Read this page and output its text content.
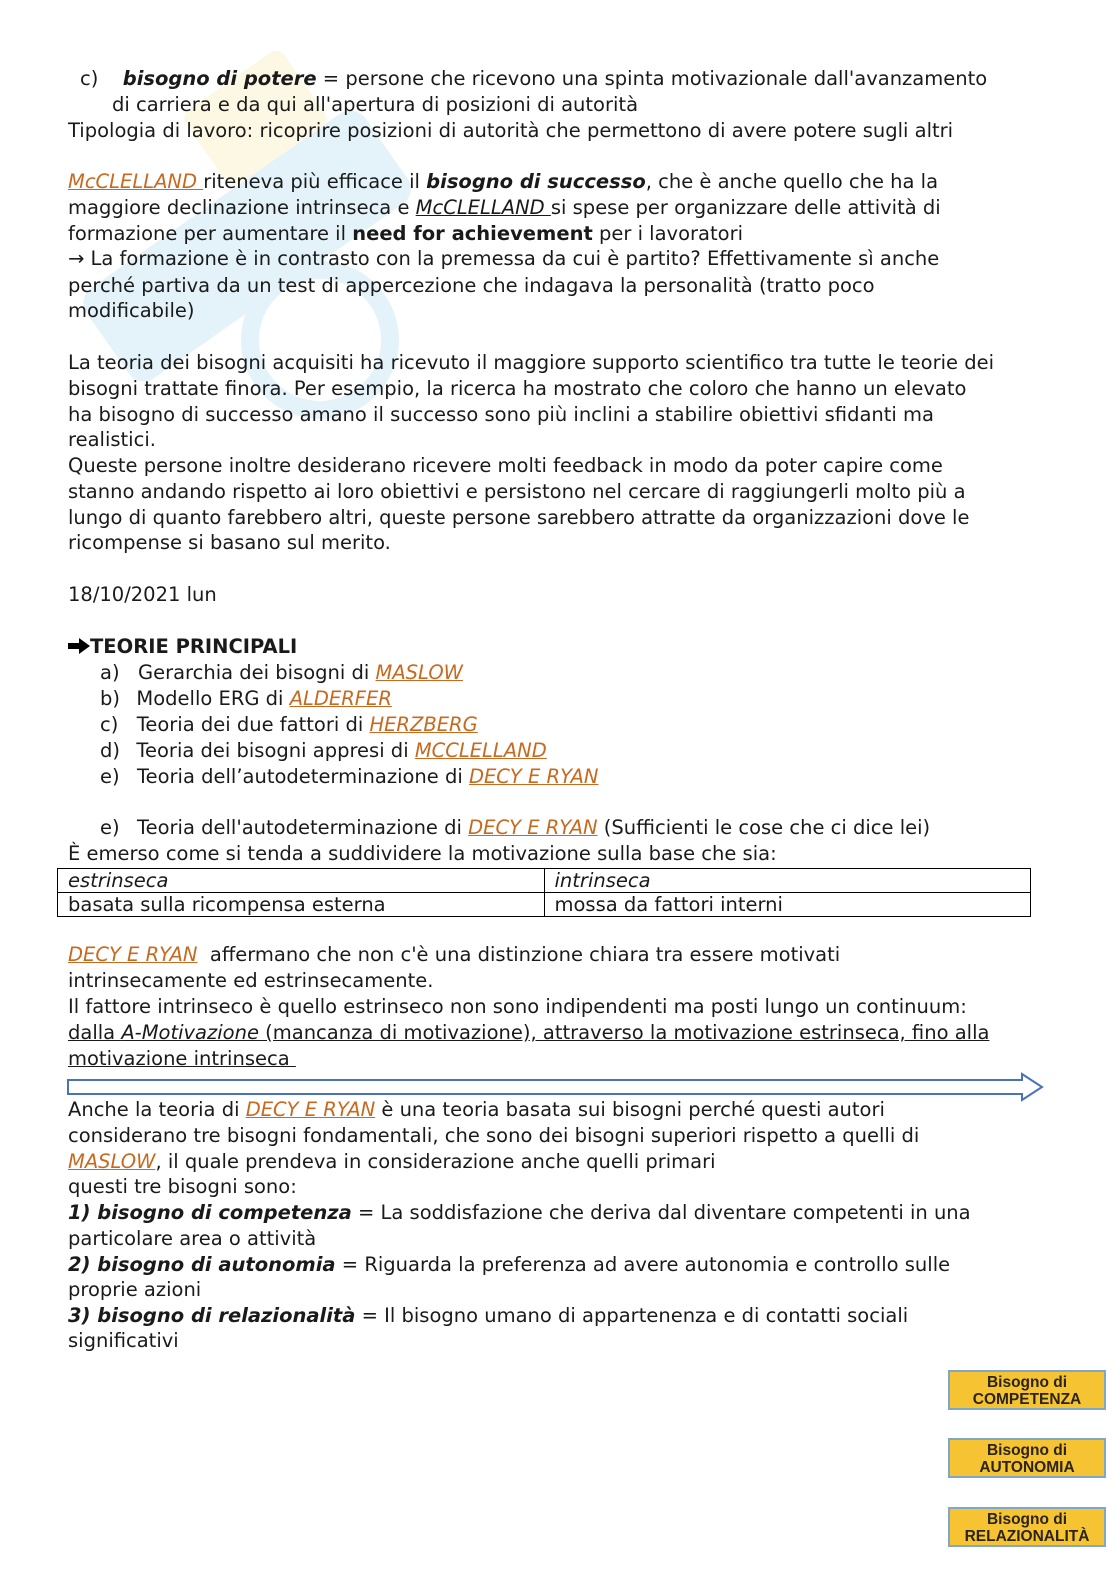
c) bisogno di potere = persone che ricevono una spinta motivazionale dall'avanzamento
di carriera e da qui all'apertura di posizioni di autorità
Tipologia di lavoro: ricoprire posizioni di autorità che permettono di avere potere sugli altri
McCLELLAND riteneva più efficace il bisogno di successo, che è anche quello che ha la
maggiore declinazione intrinseca e McCLELLAND si spese per organizzare delle attività di
formazione per aumentare il need for achievement per i lavoratori
→ La formazione è in contrasto con la premessa da cui è partito? Effettivamente sì anche
perché partiva da un test di appercezione che indagava la personalità (tratto poco
modificabile)
La teoria dei bisogni acquisiti ha ricevuto il maggiore supporto scientifico tra tutte le teorie dei
bisogni trattate finora. Per esempio, la ricerca ha mostrato che coloro che hanno un elevato
ha bisogno di successo amano il successo sono più inclini a stabilire obiettivi sfidanti ma
realistici.
Queste persone inoltre desiderano ricevere molti feedback in modo da poter capire come
stanno andando rispetto ai loro obiettivi e persistono nel cercare di raggiungerli molto più a
lungo di quanto farebbero altri, queste persone sarebbero attratte da organizzazioni dove le
ricompense si basano sul merito.
18/10/2021 lun
TEORIE PRINCIPALI
a) Gerarchia dei bisogni di MASLOW
b) Modello ERG di ALDERFER
c) Teoria dei due fattori di HERZBERG
d) Teoria dei bisogni appresi di MCCLELLAND
e) Teoria dell’autodeterminazione di DECY E RYAN
e) Teoria dell'autodeterminazione di DECY E RYAN (Sufficienti le cose che ci dice lei)
È emerso come si tenda a suddividere la motivazione sulla base che sia:
estrinseca	intrinseca
basata sulla ricompensa esterna	mossa da fattori interni
DECY E RYAN  affermano che non c'è una distinzione chiara tra essere motivati
intrinsecamente ed estrinsecamente.
Il fattore intrinseco è quello estrinseco non sono indipendenti ma posti lungo un continuum:
dalla A-Motivazione (mancanza di motivazione), attraverso la motivazione estrinseca, fino alla
motivazione intrinseca
Anche la teoria di DECY E RYAN è una teoria basata sui bisogni perché questi autori
considerano tre bisogni fondamentali, che sono dei bisogni superiori rispetto a quelli di
MASLOW, il quale prendeva in considerazione anche quelli primari
questi tre bisogni sono:
1) bisogno di competenza = La soddisfazione che deriva dal diventare competenti in una
particolare area o attività
2) bisogno di autonomia = Riguarda la preferenza ad avere autonomia e controllo sulle
proprie azioni
3) bisogno di relazionalità = Il bisogno umano di appartenenza e di contatti sociali
significativi
Bisogno di
COMPETENZA
Bisogno di
AUTONOMIA
Bisogno di
RELAZIONALITÀ
